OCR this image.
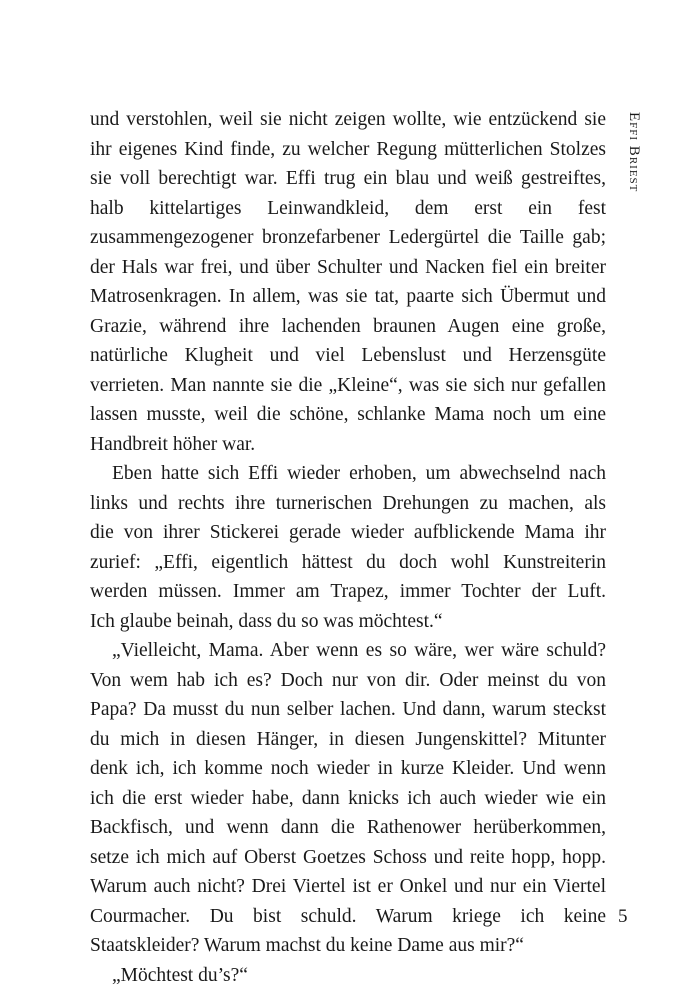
Effi Briest
und verstohlen, weil sie nicht zeigen wollte, wie entzückend sie
ihr eigenes Kind finde, zu welcher Regung mütterlichen Stolzes
sie voll berechtigt war. Effi trug ein blau und weiß gestreiftes,
halb kittelartiges Leinwandkleid, dem erst ein fest
zusammengezogener bronzefarbener Ledergürtel die Taille gab;
der Hals war frei, und über Schulter und Nacken fiel ein breiter
Matrosenkragen. In allem, was sie tat, paarte sich Übermut und
Grazie, während ihre lachenden braunen Augen eine große,
natürliche Klugheit und viel Lebenslust und Herzensgüte
verrieten. Man nannte sie die „Kleine“, was sie sich nur gefallen
lassen musste, weil die schöne, schlanke Mama noch um eine
Handbreit höher war.
Eben hatte sich Effi wieder erhoben, um abwechselnd nach
links und rechts ihre turnerischen Drehungen zu machen, als
die von ihrer Stickerei gerade wieder aufblickende Mama ihr
zurief: „Effi, eigentlich hättest du doch wohl Kunstreiterin
werden müssen. Immer am Trapez, immer Tochter der Luft.
Ich glaube beinah, dass du so was möchtest.“
„Vielleicht, Mama. Aber wenn es so wäre, wer wäre schuld?
Von wem hab ich es? Doch nur von dir. Oder meinst du von
Papa? Da musst du nun selber lachen. Und dann, warum steckst
du mich in diesen Hänger, in diesen Jungenskittel? Mitunter
denk ich, ich komme noch wieder in kurze Kleider. Und wenn
ich die erst wieder habe, dann knicks ich auch wieder wie ein
Backfisch, und wenn dann die Rathenower herüberkommen,
setze ich mich auf Oberst Goetzes Schoss und reite hopp, hopp.
Warum auch nicht? Drei Viertel ist er Onkel und nur ein Viertel
Courmacher. Du bist schuld. Warum kriege ich keine
Staatskleider? Warum machst du keine Dame aus mir?“
„Möchtest du’s?“
5
